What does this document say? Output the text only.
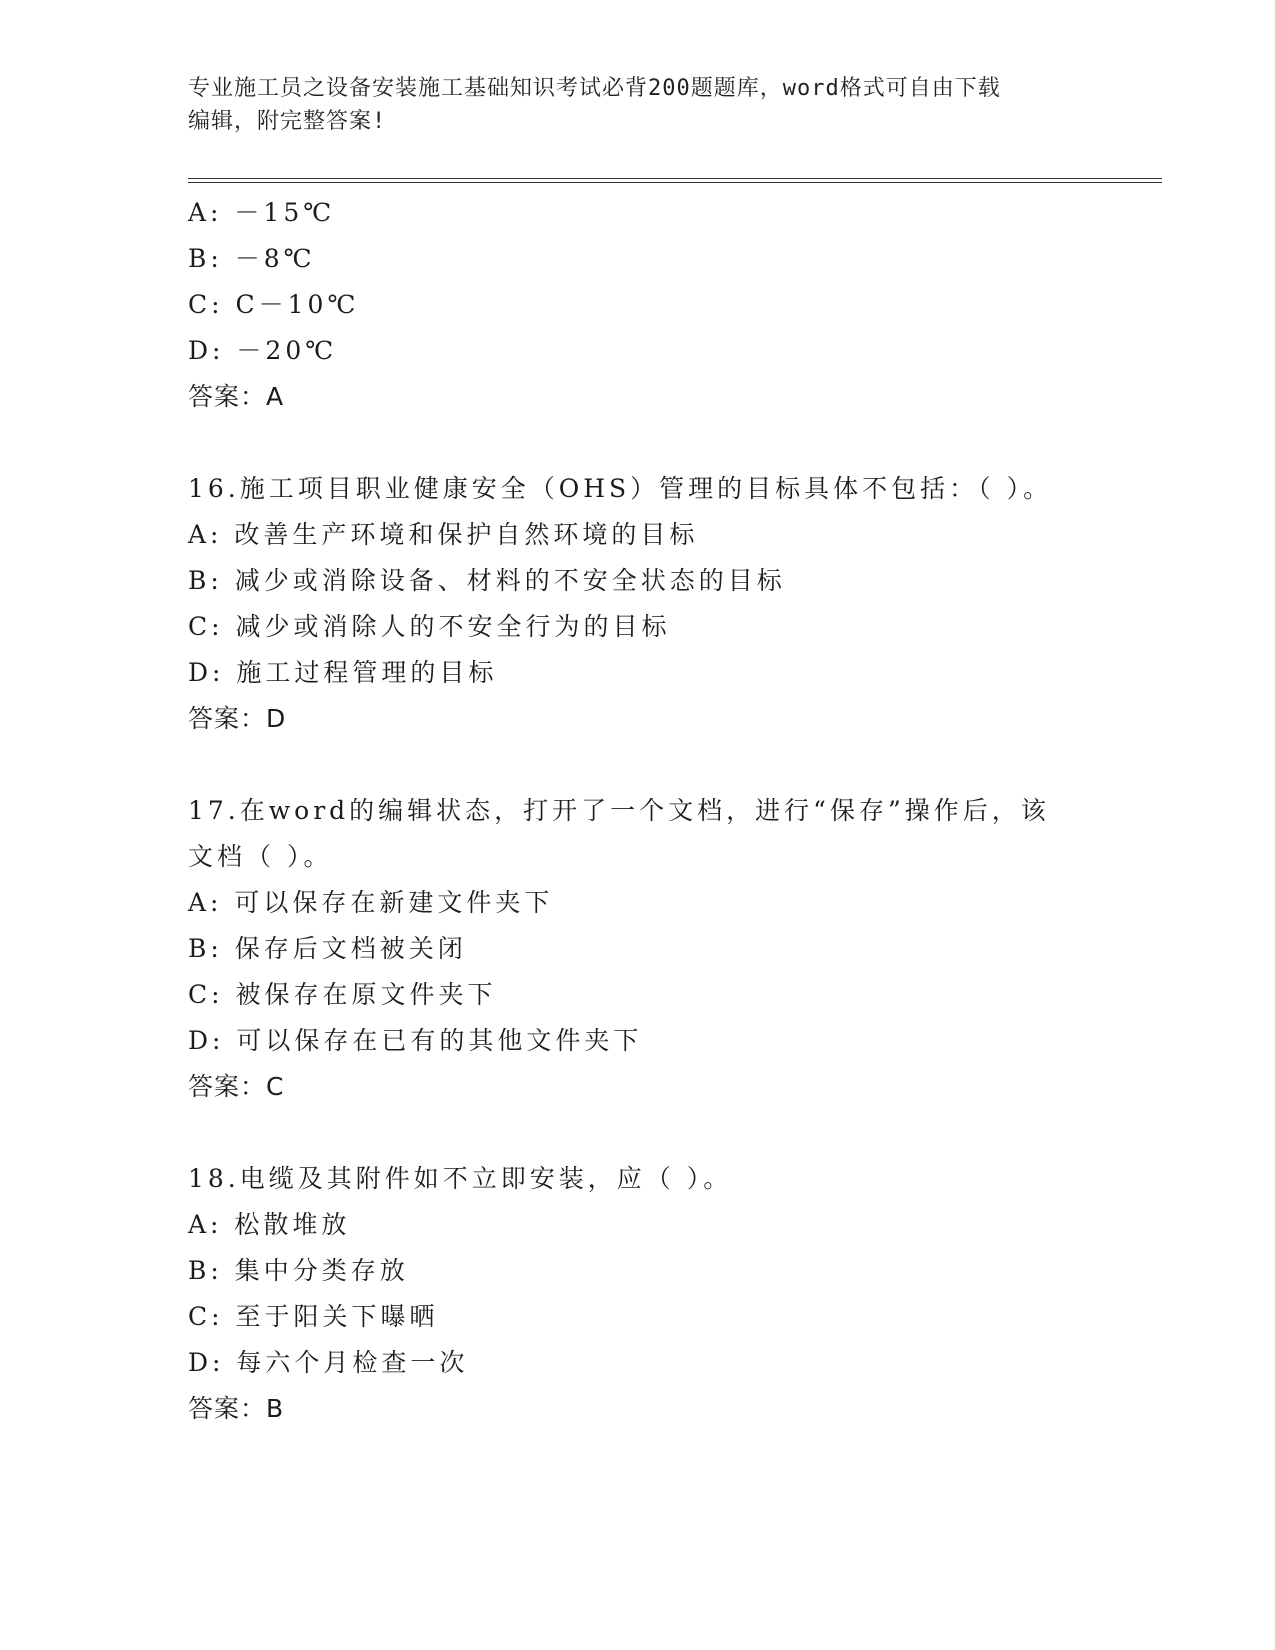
专业施工员之设备安装施工基础知识考试必背200题题库，word格式可自由下载
编辑，附完整答案!
A: －15℃
B: －8℃
C: C－10℃
D: －20℃
答案：A
16.施工项目职业健康安全（OHS）管理的目标具体不包括：（ ）。
A: 改善生产环境和保护自然环境的目标
B: 减少或消除设备、材料的不安全状态的目标
C: 减少或消除人的不安全行为的目标
D: 施工过程管理的目标
答案：D
17.在word的编辑状态，打开了一个文档，进行“保存”操作后，该
文档（ ）。
A: 可以保存在新建文件夹下
B: 保存后文档被关闭
C: 被保存在原文件夹下
D: 可以保存在已有的其他文件夹下
答案：C
18.电缆及其附件如不立即安装，应（ ）。
A: 松散堆放
B: 集中分类存放
C: 至于阳关下曝晒
D: 每六个月检查一次
答案：B
